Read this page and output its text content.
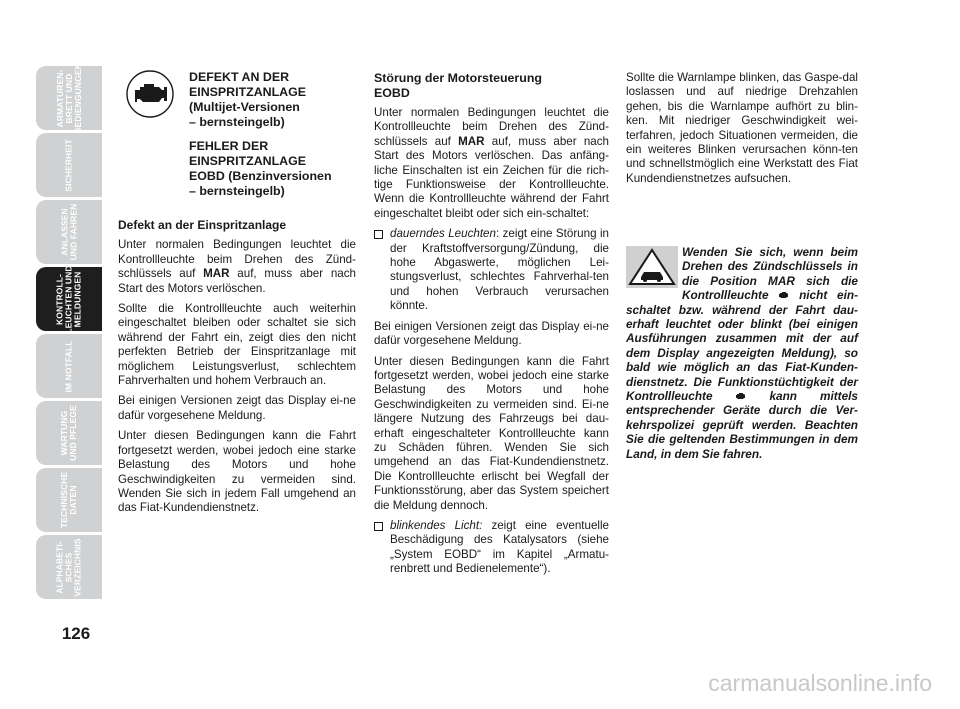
ARMATUREN-
BRETT UND
BEDIENGUNGEN
SICHERHEIT
ANLASSEN
UND FAHREN
KONTROLL-
LEUCHTEN UND
MELDUNGEN
IM NOTFALL
WARTUNG
UND PFLEGE
TECHNISCHE
DATEN
ALPHABETI-
SCHES
VERZEICHNIS
126
DEFEKT AN DER
EINSPRITZANLAGE
(Multijet-Versionen
– bernsteingelb)
FEHLER DER
EINSPRITZANLAGE
EOBD (Benzinversionen
– bernsteingelb)

Defekt an der Einspritzanlage

Unter normalen Bedingungen leuchtet die Kontrollleuchte beim Drehen des Zünd-schlüssels auf MAR auf, muss aber nach Start des Motors verlöschen.

Sollte die Kontrollleuchte auch weiterhin eingeschaltet bleiben oder schaltet sie sich während der Fahrt ein, zeigt dies den nicht perfekten Betrieb der Einspritzanlage mit möglichem Leistungsverlust, schlechtem Fahrverhalten und hohem Verbrauch an.

Bei einigen Versionen zeigt das Display ei-ne dafür vorgesehene Meldung.

Unter diesen Bedingungen kann die Fahrt fortgesetzt werden, wobei jedoch eine starke Belastung des Motors und hohe Geschwindigkeiten zu vermeiden sind. Wenden Sie sich in jedem Fall umgehend an das Fiat-Kundendienstnetz.

Störung der Motorsteuerung
EOBD

Unter normalen Bedingungen leuchtet die Kontrollleuchte beim Drehen des Zünd-schlüssels auf MAR auf, muss aber nach Start des Motors verlöschen. Das anfäng-liche Einschalten ist ein Zeichen für die rich-tige Funktionsweise der Kontrollleuchte. Wenn die Kontrollleuchte während der Fahrt eingeschaltet bleibt oder sich ein-schaltet:

dauerndes Leuchten: zeigt eine Störung in der Kraftstoffversorgung/Zündung, die hohe Abgaswerte, möglichen Lei-stungsverlust, schlechtes Fahrverhal-ten und hohen Verbrauch verursachen könnte.

Bei einigen Versionen zeigt das Display ei-ne dafür vorgesehene Meldung.

Unter diesen Bedingungen kann die Fahrt fortgesetzt werden, wobei jedoch eine starke Belastung des Motors und hohe Geschwindigkeiten zu vermeiden sind. Ei-ne längere Nutzung des Fahrzeugs bei dau-erhaft eingeschalteter Kontrollleuchte kann zu Schäden führen. Wenden Sie sich umgehend an das Fiat-Kundendienstnetz. Die Kontrollleuchte erlischt bei Wegfall der Funktionsstörung, aber das System speichert die Meldung dennoch.

blinkendes Licht: zeigt eine eventuelle Beschädigung des Katalysators (siehe „System EOBD“ im Kapitel „Armatu-renbrett und Bedienelemente“).

Sollte die Warnlampe blinken, das Gaspe-dal loslassen und auf niedrige Drehzahlen gehen, bis die Warnlampe aufhört zu blin-ken. Mit niedriger Geschwindigkeit wei-terfahren, jedoch Situationen vermeiden, die ein weiteres Blinken verursachen könn-ten und schnellstmöglich eine Werkstatt des Fiat Kundendienstnetzes aufsuchen.

Wenden Sie sich, wenn beim Drehen des Zündschlüssels in die Position MAR sich die Kontrollleuchte  nicht ein-schaltet bzw. während der Fahrt dau-erhaft leuchtet oder blinkt (bei einigen Ausführungen zusammen mit der auf dem Display angezeigten Meldung), so bald wie möglich an das Fiat-Kunden-dienstnetz. Die Funktionstüchtigkeit der Kontrollleuchte  kann mittels entsprechender Geräte durch die Ver-kehrspolizei geprüft werden. Beachten Sie die geltenden Bestimmungen in dem Land, in dem Sie fahren.
carmanualsonline.info
